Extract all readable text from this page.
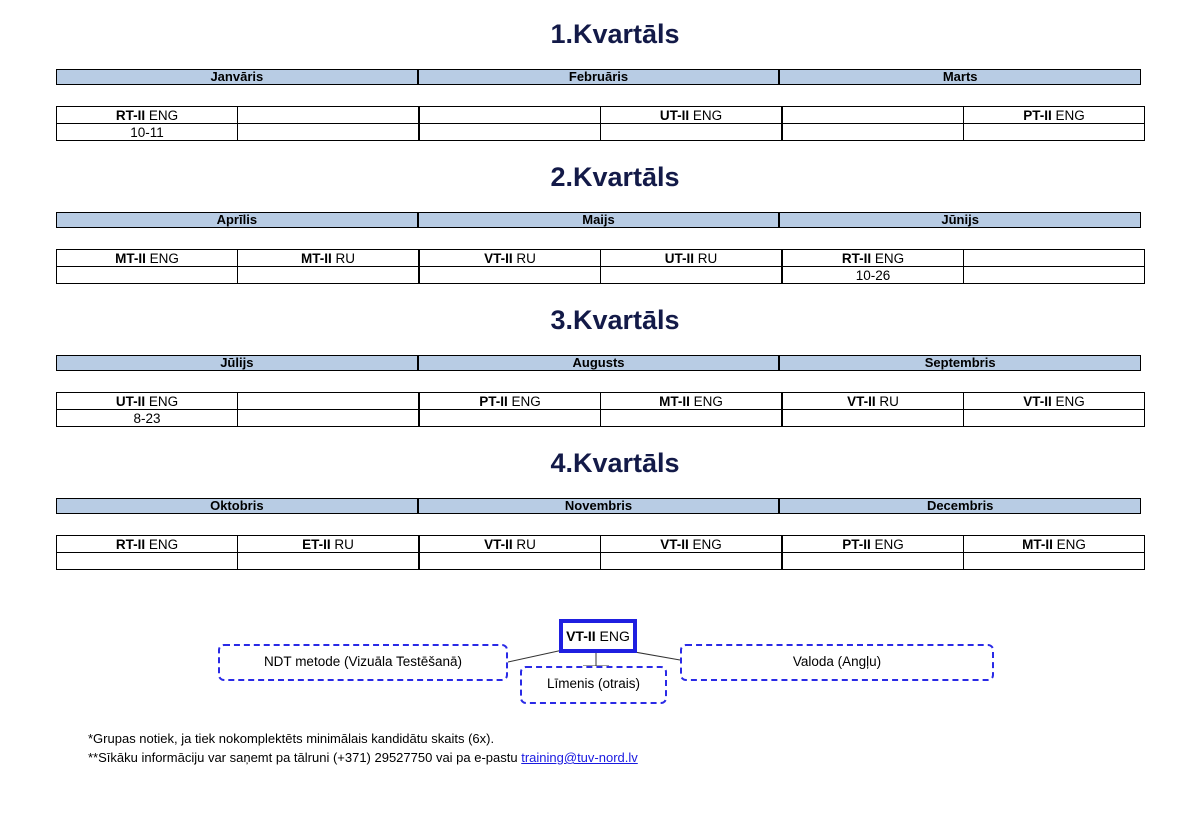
1.Kvartāls
Janvāris	Februāris	Marts
RT-II ENG			UT-II ENG		PT-II ENG
10-11					
2.Kvartāls
Aprīlis	Maijs	Jūnijs
MT-II ENG	MT-II RU	VT-II RU	UT-II RU	RT-II ENG	
				10-26	
3.Kvartāls
Jūlijs	Augusts	Septembris
UT-II ENG		PT-II ENG	MT-II ENG	VT-II RU	VT-II ENG
8-23					
4.Kvartāls
Oktobris	Novembris	Decembris
RT-II ENG	ET-II RU	VT-II RU	VT-II ENG	PT-II ENG	MT-II ENG

VT-II ENG
NDT metode (Vizuāla Testēšanā)
Līmenis (otrais)
Valoda (Angļu)
*Grupas notiek, ja tiek nokomplektēts minimālais kandidātu skaits (6x).
**Sīkāku informāciju var saņemt pa tālruni (+371) 29527750 vai pa e-pastu training@tuv-nord.lv
